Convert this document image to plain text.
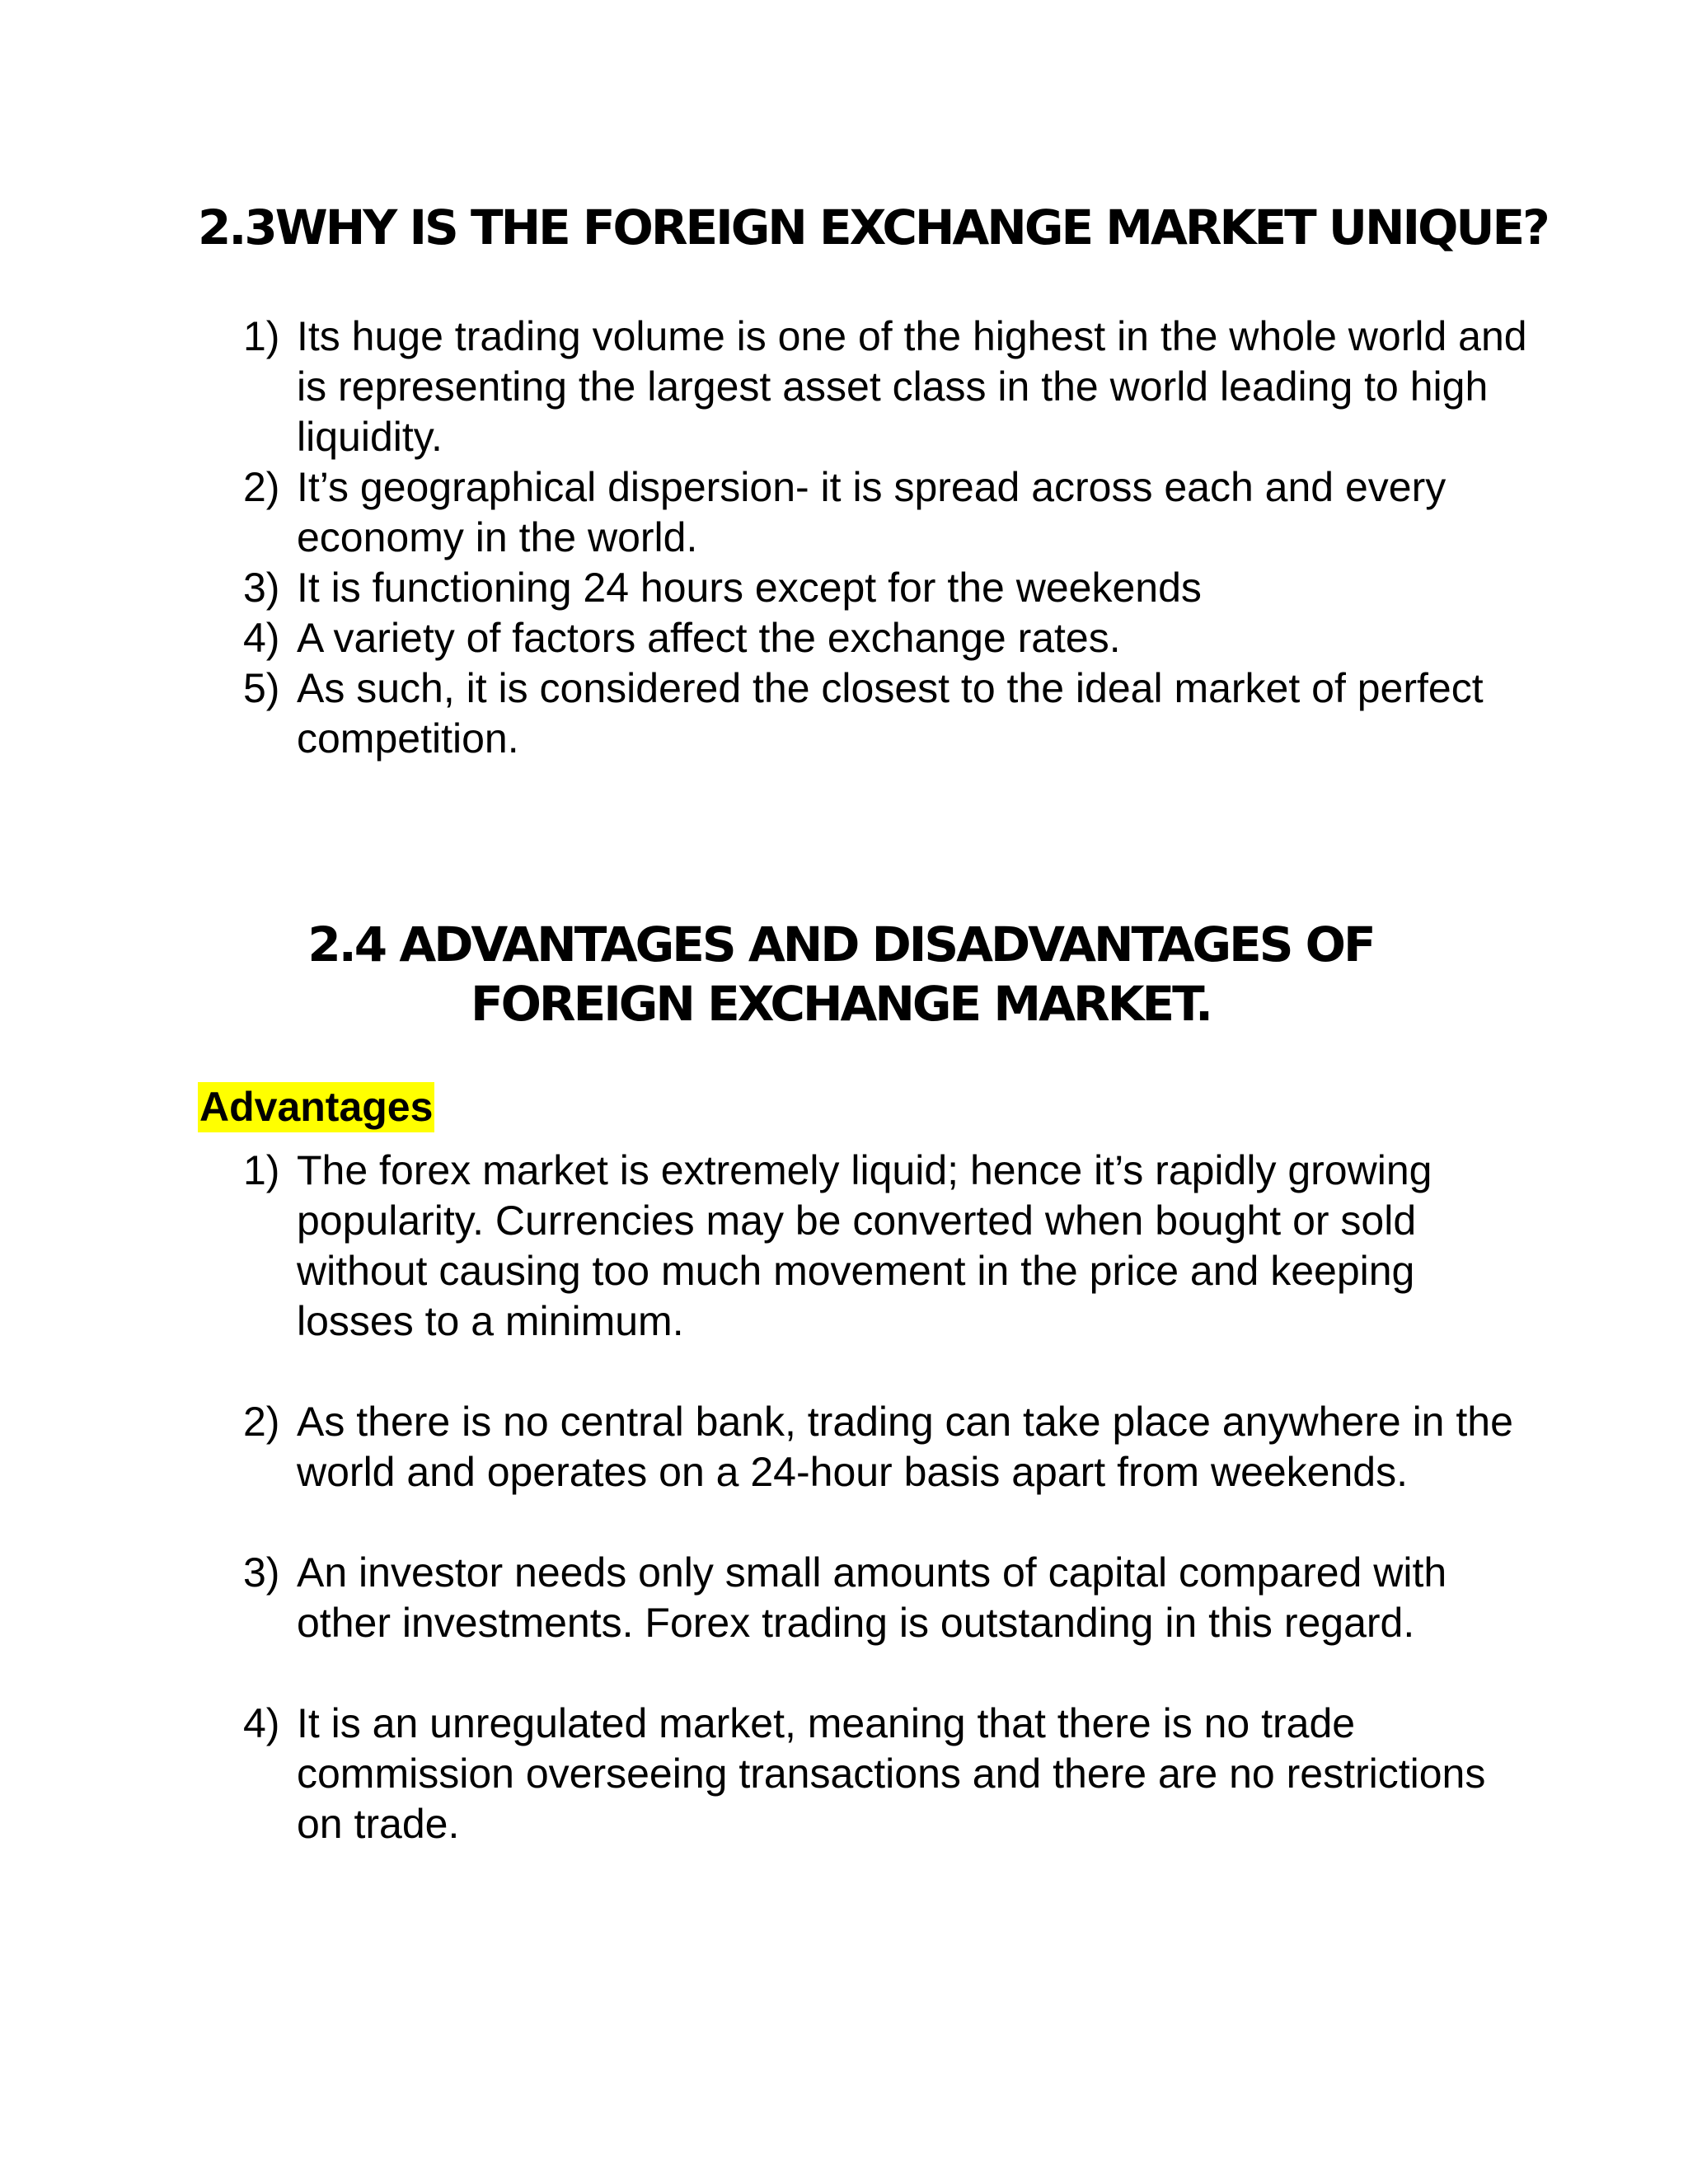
2.3WHY IS THE FOREIGN EXCHANGE MARKET UNIQUE?
1) Its huge trading volume is one of the highest in the whole world and is representing the largest asset class in the world leading to high liquidity.
2) It’s geographical dispersion- it is spread across each and every economy in the world.
3) It is functioning 24 hours except for the weekends
4) A variety of factors affect the exchange rates.
5) As such, it is considered the closest to the ideal market of perfect competition.
2.4 ADVANTAGES AND DISADVANTAGES OF FOREIGN EXCHANGE MARKET.
Advantages
1) The forex market is extremely liquid; hence it’s rapidly growing popularity. Currencies may be converted when bought or sold without causing too much movement in the price and keeping losses to a minimum.
2) As there is no central bank, trading can take place anywhere in the world and operates on a 24-hour basis apart from weekends.
3) An investor needs only small amounts of capital compared with other investments. Forex trading is outstanding in this regard.
4) It is an unregulated market, meaning that there is no trade commission overseeing transactions and there are no restrictions on trade.
